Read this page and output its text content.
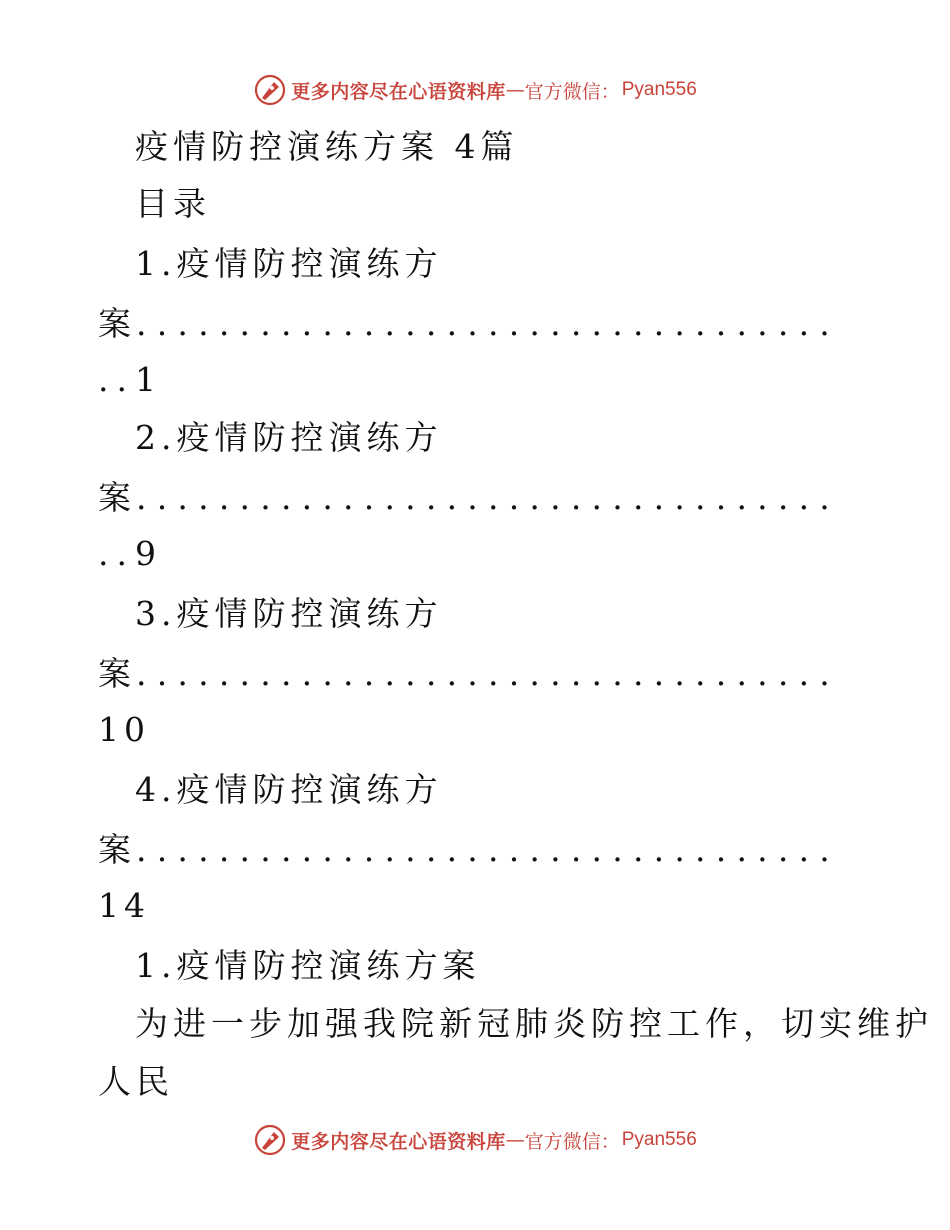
更多内容尽在心语资料库 — 官方微信： Pyan556
疫情防控演练方案 4篇
目录
1.疫情防控演练方
案..................................
..1
2.疫情防控演练方
案..................................
..9
3.疫情防控演练方
案..................................
10
4.疫情防控演练方
案..................................
14
1.疫情防控演练方案
为进一步加强我院新冠肺炎防控工作，切实维护
人民
更多内容尽在心语资料库 — 官方微信： Pyan556
